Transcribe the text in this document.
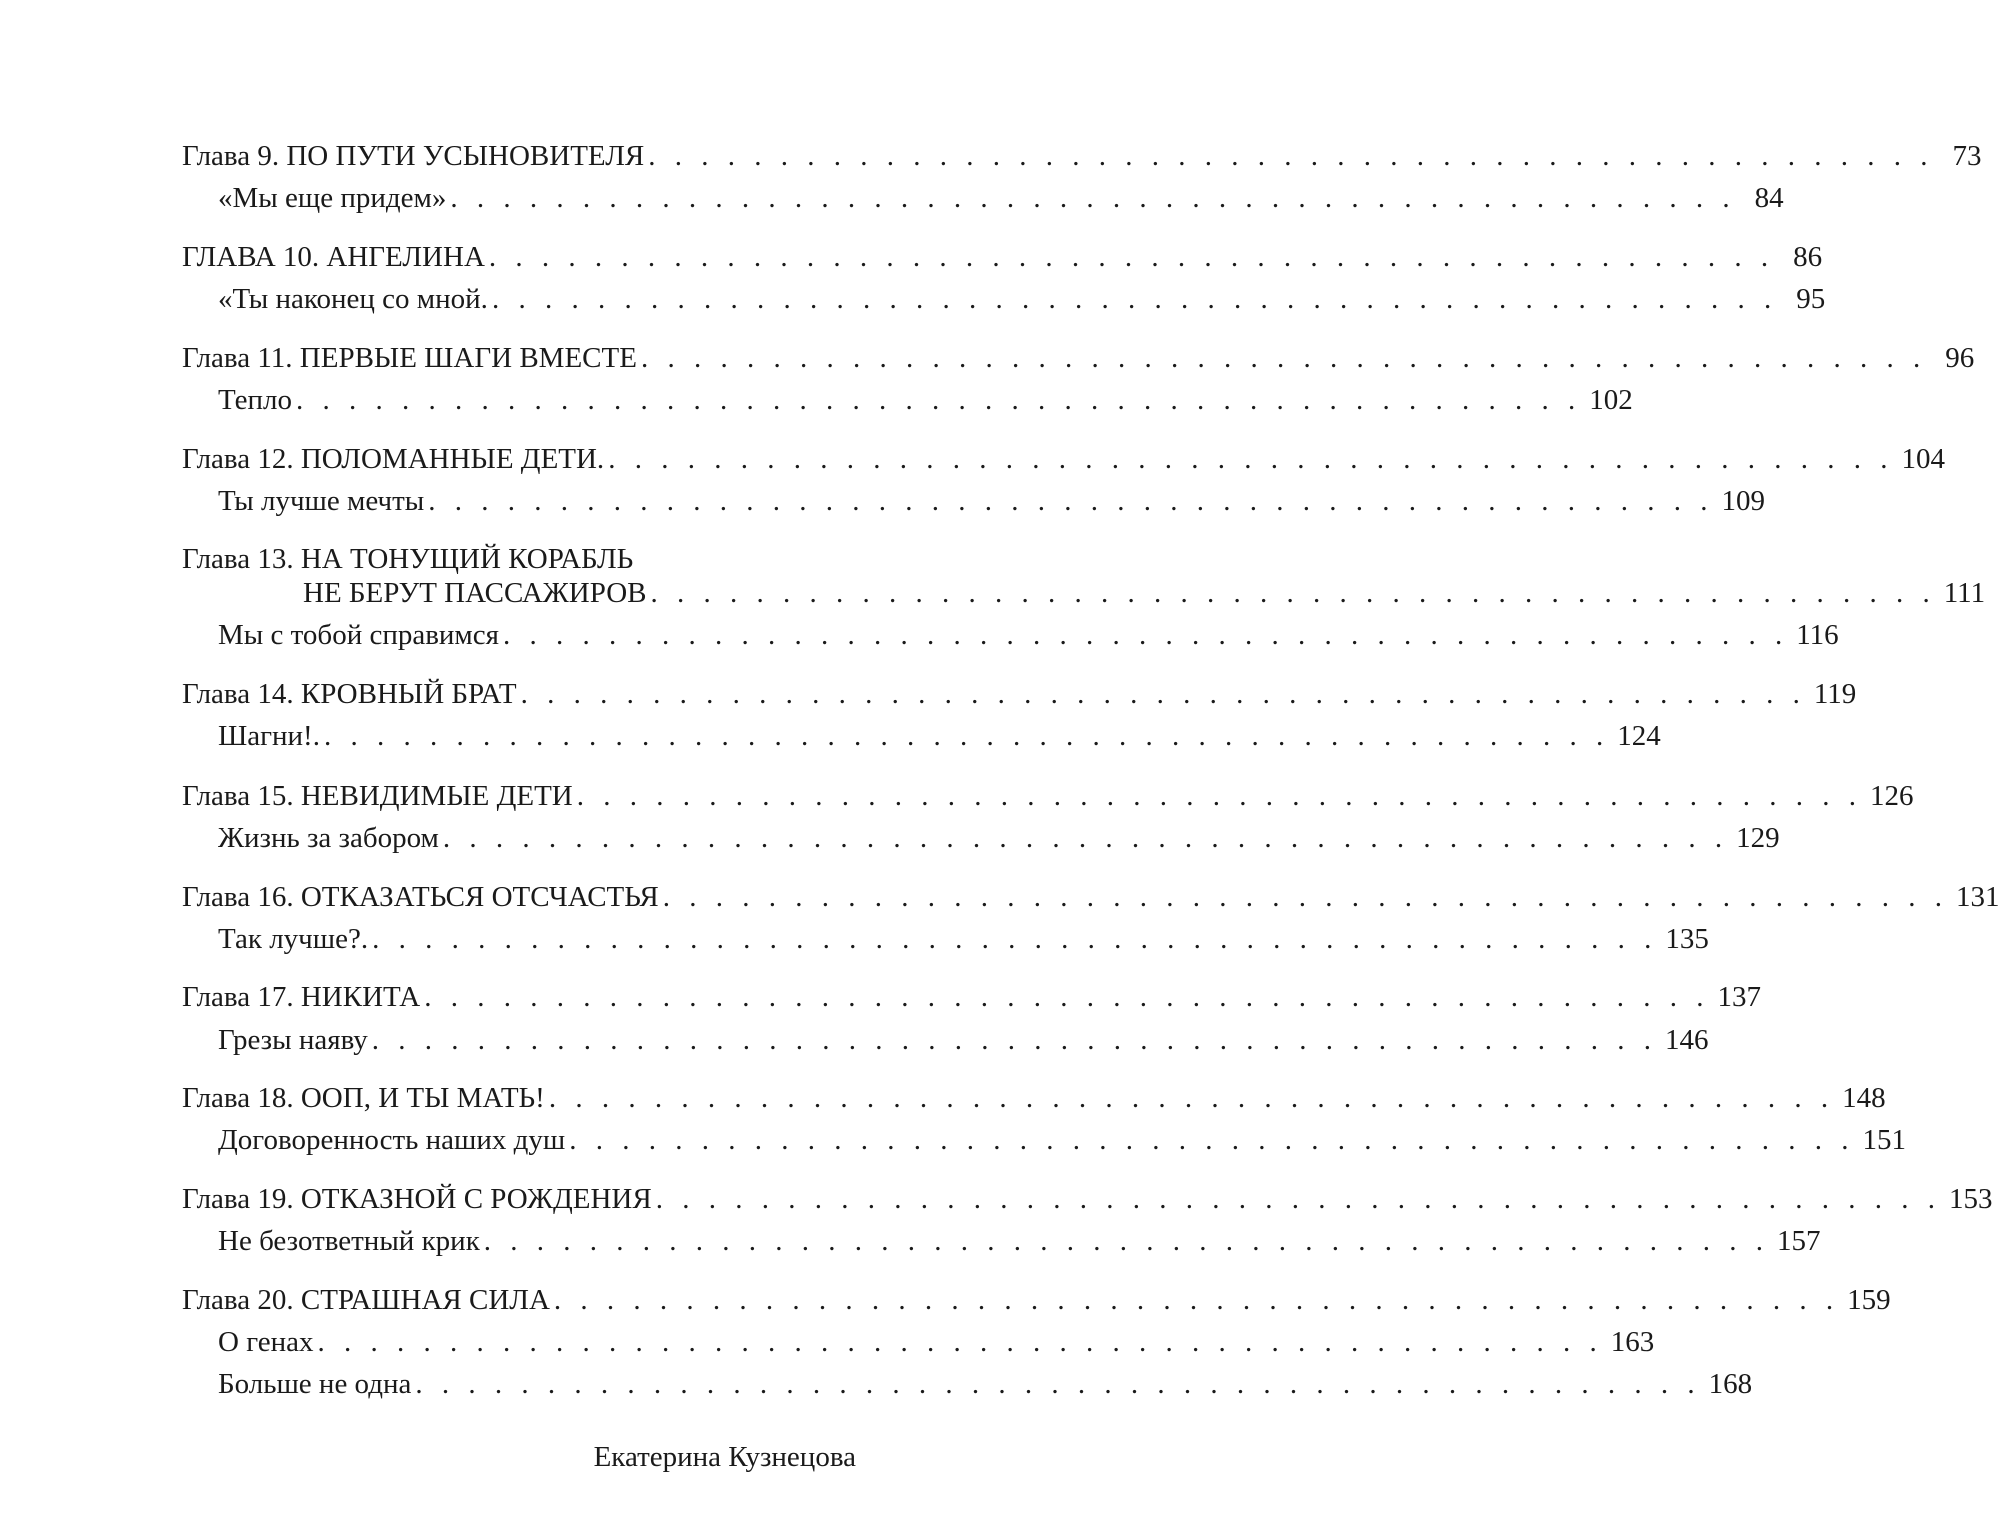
Глава 9. ПО ПУТИ УСЫНОВИТЕЛЯ . . . . . . . . . . . . . . . . . . . . . . . . . . . . . . . . . . . . . . . . . . . . . . . . . 73
«Мы еще придем» . . . . . . . . . . . . . . . . . . . . . . . . . . . . . . . . . . . . . . . . . . . . . . . . . 84
ГЛАВА 10. АНГЕЛИНА . . . . . . . . . . . . . . . . . . . . . . . . . . . . . . . . . . . . . . . . . . . . . . . . . 86
«Ты наконец со мной. . . . . . . . . . . . . . . . . . . . . . . . . . . . . . . . . . . . . . . . . . . . . . . . . . 95
Глава 11. ПЕРВЫЕ ШАГИ ВМЕСТЕ . . . . . . . . . . . . . . . . . . . . . . . . . . . . . . . . . . . . . . . . . . . . . . . . . 96
Тепло . . . . . . . . . . . . . . . . . . . . . . . . . . . . . . . . . . . . . . . . . . . . . . . . . 102
Глава 12. ПОЛОМАННЫЕ ДЕТИ. . . . . . . . . . . . . . . . . . . . . . . . . . . . . . . . . . . . . . . . . . . . . . . . . . 104
Ты лучше мечты . . . . . . . . . . . . . . . . . . . . . . . . . . . . . . . . . . . . . . . . . . . . . . . . . 109
Глава 13. НА ТОНУЩИЙ КОРАБЛЬ
НЕ БЕРУТ ПАССАЖИРОВ . . . . . . . . . . . . . . . . . . . . . . . . . . . . . . . . . . . . . . . . . . . . . . . . . 111
Мы с тобой справимся . . . . . . . . . . . . . . . . . . . . . . . . . . . . . . . . . . . . . . . . . . . . . . . . . 116
Глава 14. КРОВНЫЙ БРАТ . . . . . . . . . . . . . . . . . . . . . . . . . . . . . . . . . . . . . . . . . . . . . . . . . 119
Шагни!. . . . . . . . . . . . . . . . . . . . . . . . . . . . . . . . . . . . . . . . . . . . . . . . . . 124
Глава 15. НЕВИДИМЫЕ ДЕТИ . . . . . . . . . . . . . . . . . . . . . . . . . . . . . . . . . . . . . . . . . . . . . . . . . 126
Жизнь за забором . . . . . . . . . . . . . . . . . . . . . . . . . . . . . . . . . . . . . . . . . . . . . . . . . 129
Глава 16. ОТКАЗАТЬСЯ ОТСЧАСТЬЯ . . . . . . . . . . . . . . . . . . . . . . . . . . . . . . . . . . . . . . . . . . . . . . . . . 131
Так лучше?. . . . . . . . . . . . . . . . . . . . . . . . . . . . . . . . . . . . . . . . . . . . . . . . . . 135
Глава 17. НИКИТА . . . . . . . . . . . . . . . . . . . . . . . . . . . . . . . . . . . . . . . . . . . . . . . . . 137
Грезы наяву . . . . . . . . . . . . . . . . . . . . . . . . . . . . . . . . . . . . . . . . . . . . . . . . . 146
Глава 18. ООП, И ТЫ МАТЬ! . . . . . . . . . . . . . . . . . . . . . . . . . . . . . . . . . . . . . . . . . . . . . . . . . 148
Договоренность наших душ . . . . . . . . . . . . . . . . . . . . . . . . . . . . . . . . . . . . . . . . . . . . . . . . . 151
Глава 19. ОТКАЗНОЙ С РОЖДЕНИЯ . . . . . . . . . . . . . . . . . . . . . . . . . . . . . . . . . . . . . . . . . . . . . . . . . 153
Не безответный крик . . . . . . . . . . . . . . . . . . . . . . . . . . . . . . . . . . . . . . . . . . . . . . . . . 157
Глава 20. СТРАШНАЯ СИЛА . . . . . . . . . . . . . . . . . . . . . . . . . . . . . . . . . . . . . . . . . . . . . . . . . 159
О генах . . . . . . . . . . . . . . . . . . . . . . . . . . . . . . . . . . . . . . . . . . . . . . . . . 163
Больше не одна . . . . . . . . . . . . . . . . . . . . . . . . . . . . . . . . . . . . . . . . . . . . . . . . . 168
Екатерина Кузнецова
